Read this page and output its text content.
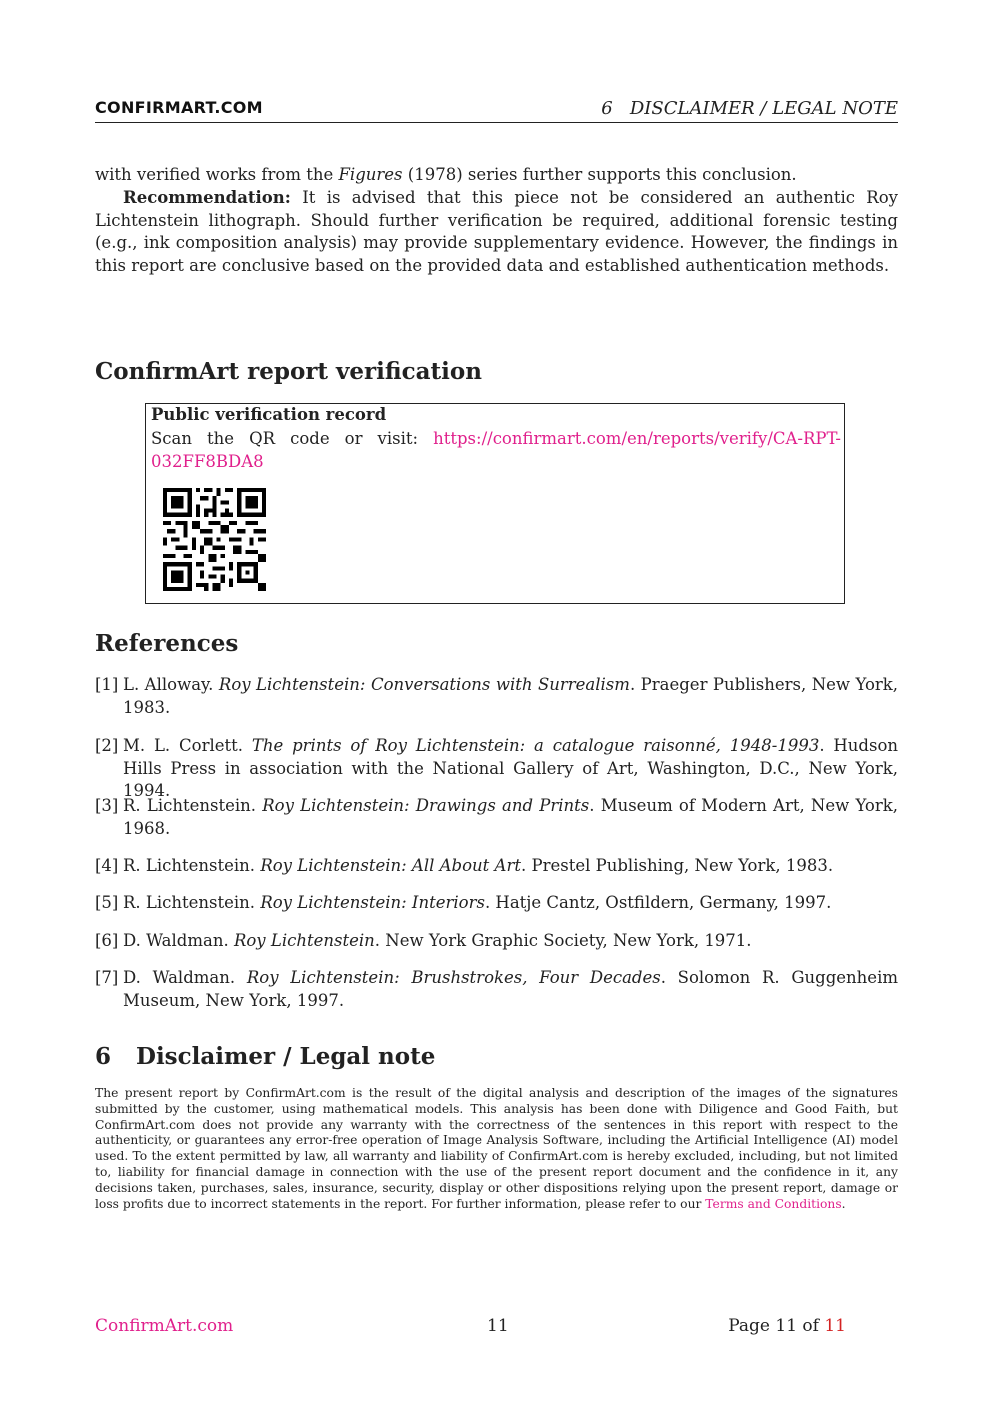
CONFIRMART.COM	6 DISCLAIMER / LEGAL NOTE
with verified works from the Figures (1978) series further supports this conclusion.
Recommendation: It is advised that this piece not be considered an authentic Roy Lichtenstein lithograph. Should further verification be required, additional forensic testing (e.g., ink composition analysis) may provide supplementary evidence. However, the findings in this report are conclusive based on the provided data and established authentication methods.
ConfirmArt report verification
Public verification record
Scan the QR code or visit: https://confirmart.com/en/reports/verify/CA-RPT-032FF8BDA8
References
[1] L. Alloway. Roy Lichtenstein: Conversations with Surrealism. Praeger Publishers, New York, 1983.
[2] M. L. Corlett. The prints of Roy Lichtenstein: a catalogue raisonné, 1948-1993. Hudson Hills Press in association with the National Gallery of Art, Washington, D.C., New York, 1994.
[3] R. Lichtenstein. Roy Lichtenstein: Drawings and Prints. Museum of Modern Art, New York, 1968.
[4] R. Lichtenstein. Roy Lichtenstein: All About Art. Prestel Publishing, New York, 1983.
[5] R. Lichtenstein. Roy Lichtenstein: Interiors. Hatje Cantz, Ostfildern, Germany, 1997.
[6] D. Waldman. Roy Lichtenstein. New York Graphic Society, New York, 1971.
[7] D. Waldman. Roy Lichtenstein: Brushstrokes, Four Decades. Solomon R. Guggenheim Museum, New York, 1997.
6 Disclaimer / Legal note
The present report by ConfirmArt.com is the result of the digital analysis and description of the images of the signatures submitted by the customer, using mathematical models. This analysis has been done with Diligence and Good Faith, but ConfirmArt.com does not provide any warranty with the correctness of the sentences in this report with respect to the authenticity, or guarantees any error-free operation of Image Analysis Software, including the Artificial Intelligence (AI) model used. To the extent permitted by law, all warranty and liability of ConfirmArt.com is hereby excluded, including, but not limited to, liability for financial damage in connection with the use of the present report document and the confidence in it, any decisions taken, purchases, sales, insurance, security, display or other dispositions relying upon the present report, damage or loss profits due to incorrect statements in the report. For further information, please refer to our Terms and Conditions.
ConfirmArt.com	11	Page 11 of 11
